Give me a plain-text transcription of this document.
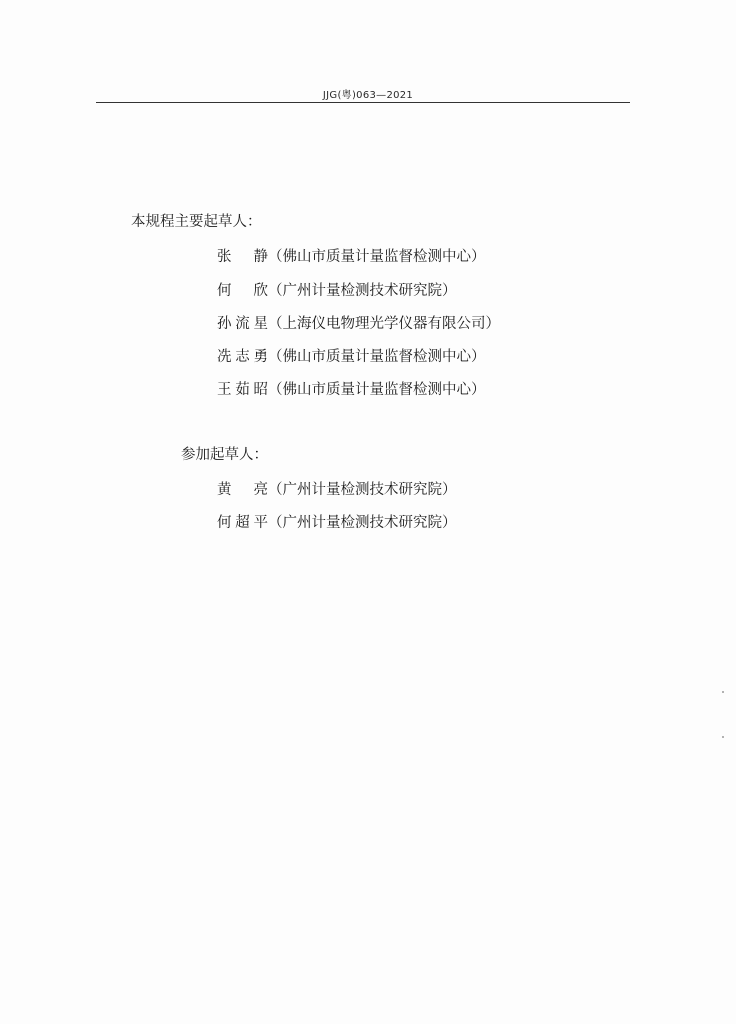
JJG(粤)063—2021
本规程主要起草人：
张 静 （佛山市质量计量监督检测中心）
何 欣 （广州计量检测技术研究院）
孙流星 （上海仪电物理光学仪器有限公司）
冼志勇 （佛山市质量计量监督检测中心）
王茹昭 （佛山市质量计量监督检测中心）
参加起草人：
黄 亮 （广州计量检测技术研究院）
何超平 （广州计量检测技术研究院）
